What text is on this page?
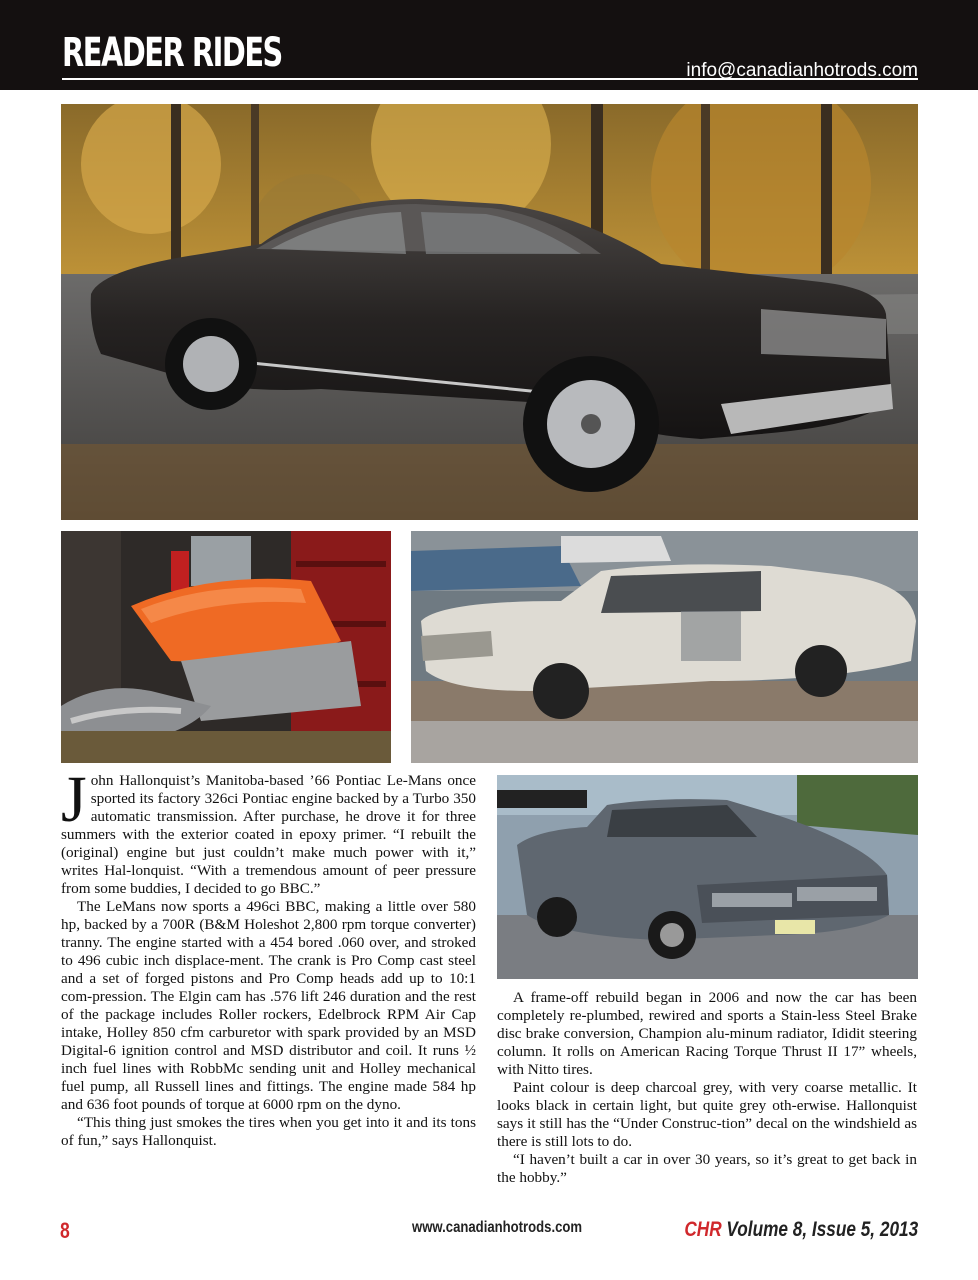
READER RIDES	info@canadianhotrods.com

John Hallonquist’s Manitoba-based ’66 Pontiac Le-Mans once sported its factory 326ci Pontiac engine backed by a Turbo 350 automatic transmission. After purchase, he drove it for three summers with the exterior coated in epoxy primer. “I rebuilt the (original) engine but just couldn’t make much power with it,” writes Hal-lonquist. “With a tremendous amount of peer pressure from some buddies, I decided to go BBC.”

The LeMans now sports a 496ci BBC, making a little over 580 hp, backed by a 700R (B&M Holeshot 2,800 rpm torque converter) tranny. The engine started with a 454 bored .060 over, and stroked to 496 cubic inch displace-ment. The crank is Pro Comp cast steel and a set of forged pistons and Pro Comp heads add up to 10:1 com-pression. The Elgin cam has .576 lift 246 duration and the rest of the package includes Roller rockers, Edelbrock RPM Air Cap intake, Holley 850 cfm carburetor with spark provided by an MSD Digital-6 ignition control and MSD distributor and coil. It runs ½ inch fuel lines with RobbMc sending unit and Holley mechanical fuel pump, all Russell lines and fittings. The engine made 584 hp and 636 foot pounds of torque at 6000 rpm on the dyno.

“This thing just smokes the tires when you get into it and its tons of fun,” says Hallonquist.

A frame-off rebuild began in 2006 and now the car has been completely re-plumbed, rewired and sports a Stain-less Steel Brake disc brake conversion, Champion alu-minum radiator, Ididit steering column. It rolls on American Racing Torque Thrust II 17” wheels, with Nitto tires.

Paint colour is deep charcoal grey, with very coarse metallic. It looks black in certain light, but quite grey oth-erwise. Hallonquist says it still has the “Under Construc-tion” decal on the windshield as there is still lots to do.

“I haven’t built a car in over 30 years, so it’s great to get back in the hobby.”

8	www.canadianhotrods.com	CHR Volume 8, Issue 5, 2013
